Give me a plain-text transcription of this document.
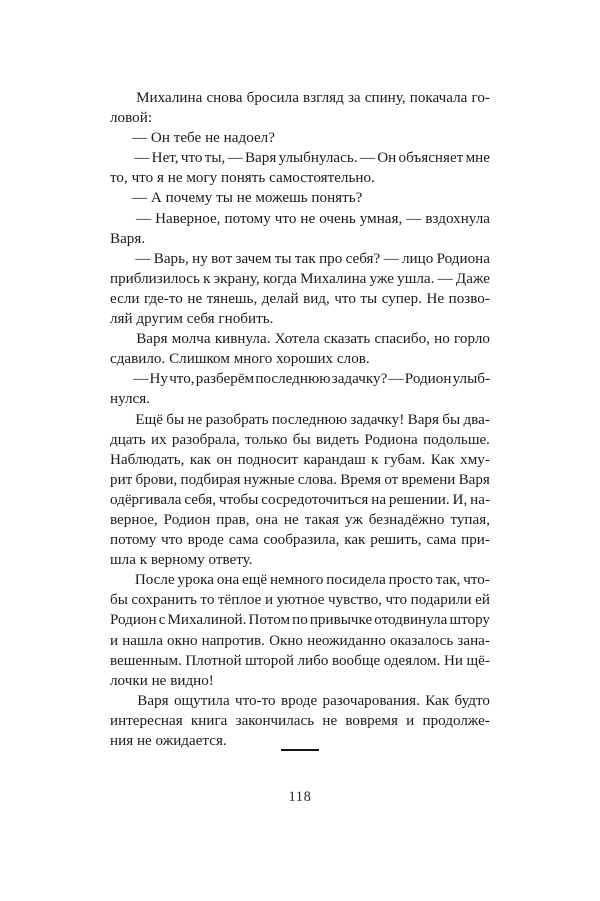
Михалина снова бросила взгляд за спину, покачала го-
ловой:

— Он тебе не надоел?

— Нет, что ты, — Варя улыбнулась. — Он объясняет мне
то, что я не могу понять самостоятельно.

— А почему ты не можешь понять?

— Наверное, потому что не очень умная, — вздохнула
Варя.

— Варь, ну вот зачем ты так про себя? — лицо Родиона
приблизилось к экрану, когда Михалина уже ушла. — Даже
если где-то не тянешь, делай вид, что ты супер. Не позво-
ляй другим себя гнобить.

Варя молча кивнула. Хотела сказать спасибо, но горло
сдавило. Слишком много хороших слов.

— Ну что, разберём последнюю задачку? — Родион улыб-
нулся.

Ещё бы не разобрать последнюю задачку! Варя бы два-
дцать их разобрала, только бы видеть Родиона подольше.
Наблюдать, как он подносит карандаш к губам. Как хму-
рит брови, подбирая нужные слова. Время от времени Варя
одёргивала себя, чтобы сосредоточиться на решении. И, на-
верное, Родион прав, она не такая уж безнадёжно тупая,
потому что вроде сама сообразила, как решить, сама при-
шла к верному ответу.

После урока она ещё немного посидела просто так, что-
бы сохранить то тёплое и уютное чувство, что подарили ей
Родион с Михалиной. Потом по привычке отодвинула штору
и нашла окно напротив. Окно неожиданно оказалось зана-
вешенным. Плотной шторой либо вообще одеялом. Ни щё-
лочки не видно!

Варя ощутила что-то вроде разочарования. Как будто
интересная книга закончилась не вовремя и продолже-
ния не ожидается.

118
